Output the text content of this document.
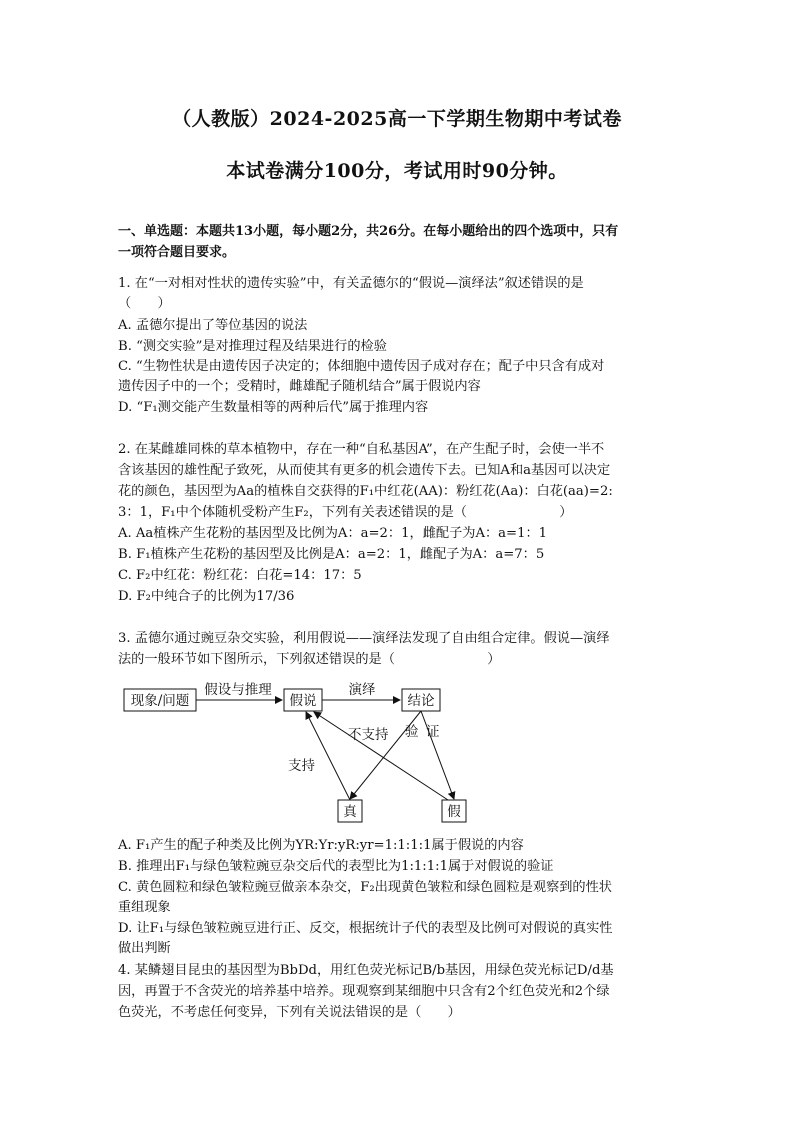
（人教版）2024-2025高一下学期生物期中考试卷
本试卷满分100分，考试用时90分钟。
一、单选题：本题共13小题，每小题2分，共26分。在每小题给出的四个选项中，只有
一项符合题目要求。
1. 在“一对相对性状的遗传实验”中，有关孟德尔的“假说—演绎法”叙述错误的是
（　　）
A. 孟德尔提出了等位基因的说法
B. “测交实验”是对推理过程及结果进行的检验
C. “生物性状是由遗传因子决定的；体细胞中遗传因子成对存在；配子中只含有成对
遗传因子中的一个；受精时，雌雄配子随机结合”属于假说内容
D. “F₁测交能产生数量相等的两种后代”属于推理内容
2. 在某雌雄同株的草本植物中，存在一种“自私基因A”，在产生配子时，会使一半不
含该基因的雄性配子致死，从而使其有更多的机会遗传下去。已知A和a基因可以决定
花的颜色，基因型为Aa的植株自交获得的F₁中红花(AA)：粉红花(Aa)：白花(aa)=2:
3：1，F₁中个体随机受粉产生F₂，下列有关表述错误的是（　　　　　　　）
A. Aa植株产生花粉的基因型及比例为A：a=2：1，雌配子为A：a=1：1
B. F₁植株产生花粉的基因型及比例是A：a=2：1，雌配子为A：a=7：5
C. F₂中红花：粉红花：白花=14：17：5
D. F₂中纯合子的比例为17/36
3. 孟德尔通过豌豆杂交实验，利用假说——演绎法发现了自由组合定律。假说—演绎
法的一般环节如下图所示，下列叙述错误的是（　　　　　　　）
现象/问题
假设与推理
假说
演绎
结论
真	假
不支持 验 证
支持
A. F₁产生的配子种类及比例为YR:Yr:yR:yr=1:1:1:1属于假说的内容
B. 推理出F₁与绿色皱粒豌豆杂交后代的表型比为1:1:1:1属于对假说的验证
C. 黄色圆粒和绿色皱粒豌豆做亲本杂交，F₂出现黄色皱粒和绿色圆粒是观察到的性状
重组现象
D. 让F₁与绿色皱粒豌豆进行正、反交，根据统计子代的表型及比例可对假说的真实性
做出判断
4. 某鳞翅目昆虫的基因型为BbDd，用红色荧光标记B/b基因，用绿色荧光标记D/d基
因，再置于不含荧光的培养基中培养。现观察到某细胞中只含有2个红色荧光和2个绿
色荧光，不考虑任何变异，下列有关说法错误的是（　　）
